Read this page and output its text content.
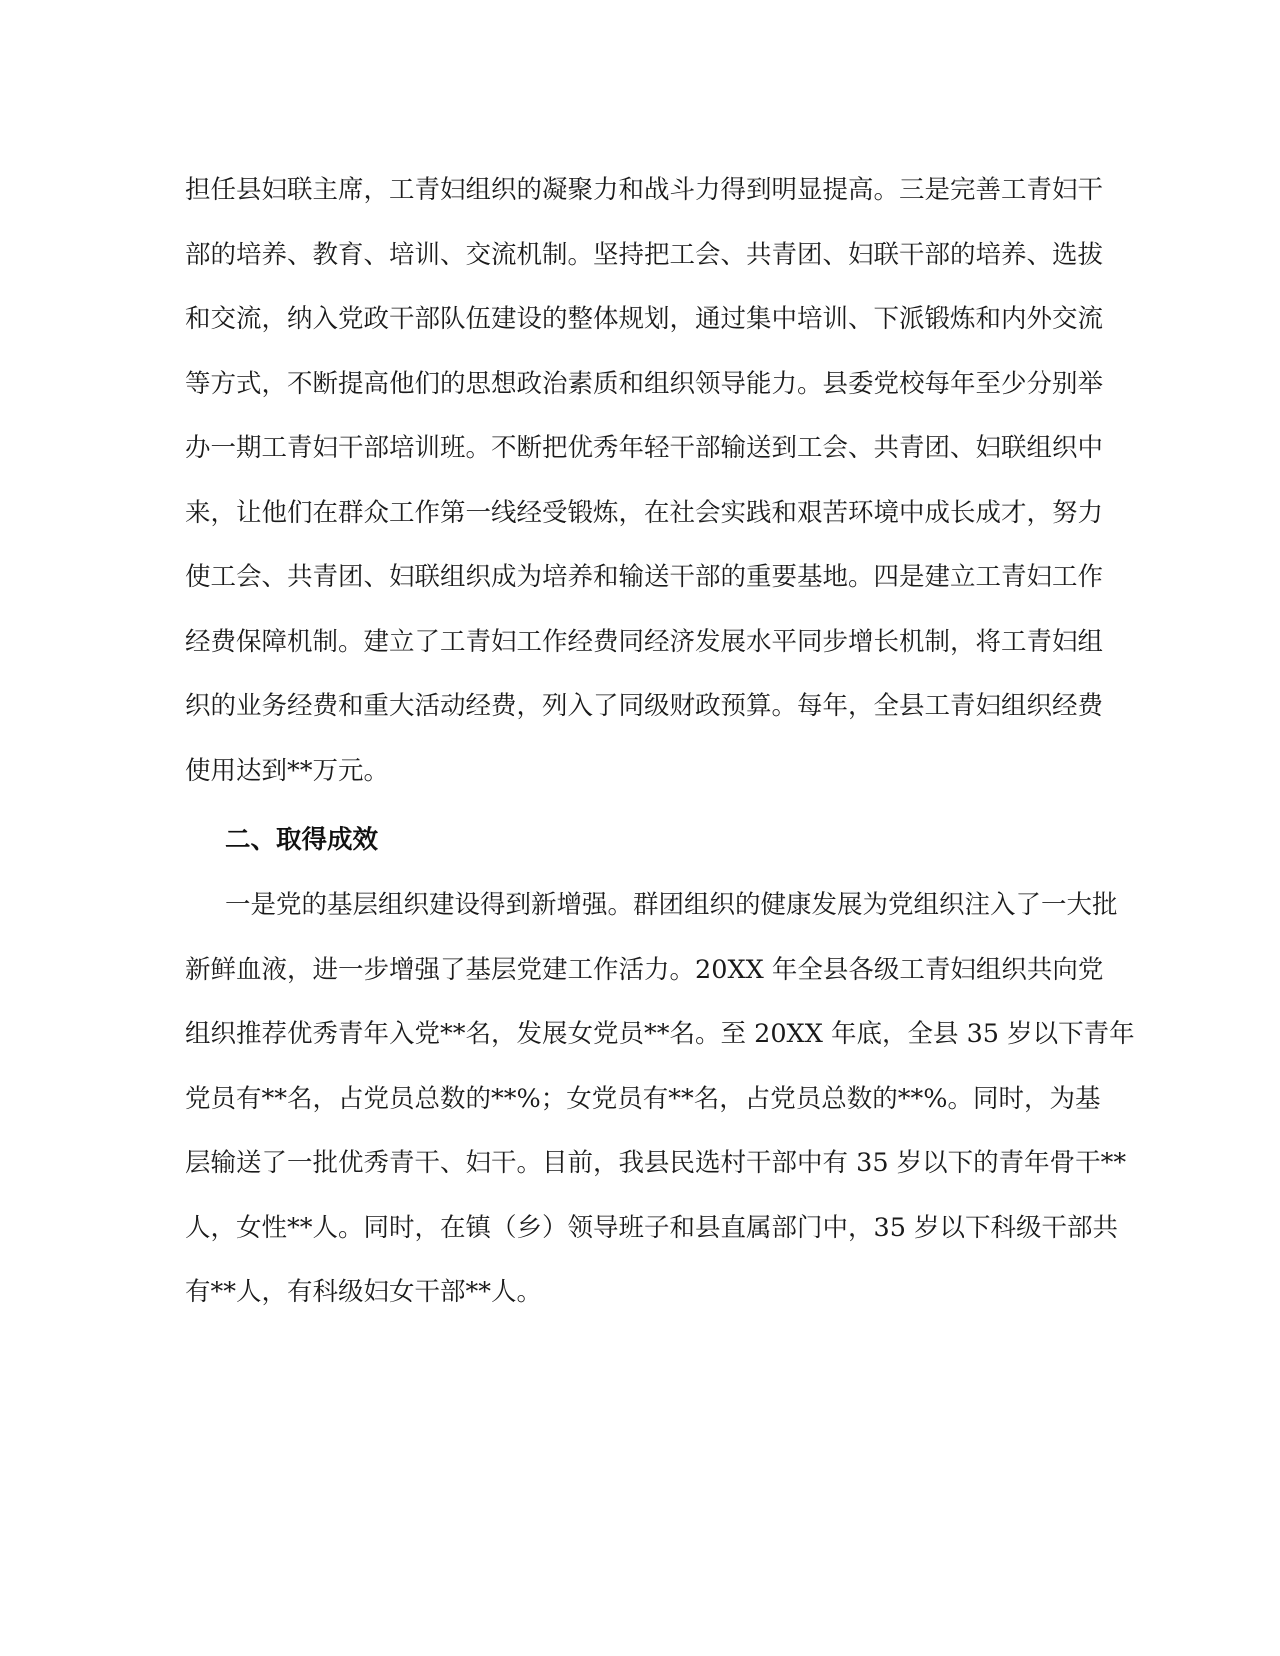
担任县妇联主席，工青妇组织的凝聚力和战斗力得到明显提高。三是完善工青妇干
部的培养、教育、培训、交流机制。坚持把工会、共青团、妇联干部的培养、选拔
和交流，纳入党政干部队伍建设的整体规划，通过集中培训、下派锻炼和内外交流
等方式，不断提高他们的思想政治素质和组织领导能力。县委党校每年至少分别举
办一期工青妇干部培训班。不断把优秀年轻干部输送到工会、共青团、妇联组织中
来，让他们在群众工作第一线经受锻炼，在社会实践和艰苦环境中成长成才，努力
使工会、共青团、妇联组织成为培养和输送干部的重要基地。四是建立工青妇工作
经费保障机制。建立了工青妇工作经费同经济发展水平同步增长机制，将工青妇组
织的业务经费和重大活动经费，列入了同级财政预算。每年，全县工青妇组织经费
使用达到**万元。
二、取得成效
一是党的基层组织建设得到新增强。群团组织的健康发展为党组织注入了一大批
新鲜血液，进一步增强了基层党建工作活力。20XX 年全县各级工青妇组织共向党
组织推荐优秀青年入党**名，发展女党员**名。至 20XX 年底，全县 35 岁以下青年
党员有**名，占党员总数的**%；女党员有**名，占党员总数的**%。同时，为基
层输送了一批优秀青干、妇干。目前，我县民选村干部中有 35 岁以下的青年骨干**
人，女性**人。同时，在镇（乡）领导班子和县直属部门中，35 岁以下科级干部共
有**人，有科级妇女干部**人。
